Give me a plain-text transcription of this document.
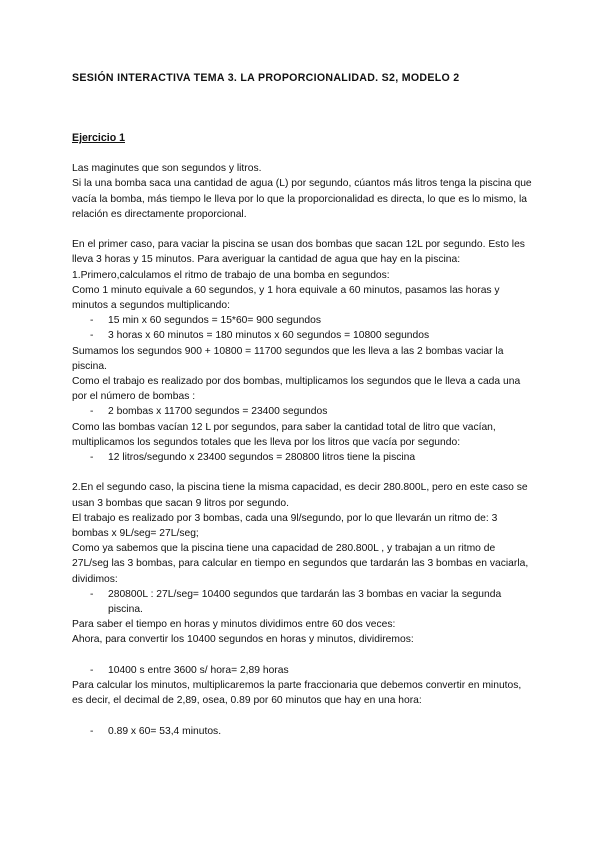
SESIÓN INTERACTIVA TEMA 3. LA PROPORCIONALIDAD. S2, MODELO 2
Ejercicio 1

Las maginutes que son segundos y litros.

Si la una bomba saca una cantidad de agua (L) por segundo, cúantos más litros tenga la piscina que vacía la bomba, más tiempo le lleva por lo que la proporcionalidad es directa, lo que es lo mismo, la relación es directamente proporcional.

En el primer caso, para vaciar la piscina se usan dos bombas que sacan 12L por segundo. Esto les lleva 3 horas y 15 minutos. Para averiguar la cantidad de agua que hay en la piscina:

1.Primero,calculamos el ritmo de trabajo de una bomba en segundos:

Como 1 minuto equivale a 60 segundos, y 1 hora equivale a 60 minutos, pasamos las horas y minutos a segundos multiplicando:

- 15 min x 60 segundos = 15*60= 900 segundos
- 3 horas x 60 minutos = 180 minutos x 60 segundos = 10800 segundos

Sumamos los segundos 900 + 10800 = 11700 segundos que les lleva a las 2 bombas vaciar la piscina.

Como el trabajo es realizado por dos bombas, multiplicamos los segundos que le lleva a cada una por el número de bombas :

- 2 bombas x 11700 segundos = 23400 segundos

Como las bombas vacían 12 L por segundos, para saber la cantidad total de litro que vacían, multiplicamos los segundos totales que les lleva por los litros que vacía por segundo:

- 12 litros/segundo x 23400 segundos = 280800 litros tiene la piscina

2.En el segundo caso, la piscina tiene la misma capacidad, es decir 280.800L, pero en este caso se usan 3 bombas que sacan 9 litros por segundo.

El trabajo es realizado por 3 bombas, cada una 9l/segundo, por lo que llevarán un ritmo de: 3 bombas x 9L/seg= 27L/seg;

Como ya sabemos que la piscina tiene una capacidad de 280.800L , y trabajan a un ritmo de 27L/seg las 3 bombas, para calcular en tiempo en segundos que tardarán las 3 bombas en vaciarla, dividimos:

- 280800L : 27L/seg= 10400 segundos que tardarán las 3 bombas en vaciar la segunda piscina.

Para saber el tiempo en horas y minutos dividimos entre 60 dos veces:

Ahora, para convertir los 10400 segundos en horas y minutos, dividiremos:

- 10400 s entre 3600 s/ hora= 2,89 horas

Para calcular los minutos, multiplicaremos la parte fraccionaria que debemos convertir en minutos, es decir, el decimal de 2,89, osea, 0.89 por 60 minutos que hay en una hora:

- 0.89 x 60= 53,4 minutos.
